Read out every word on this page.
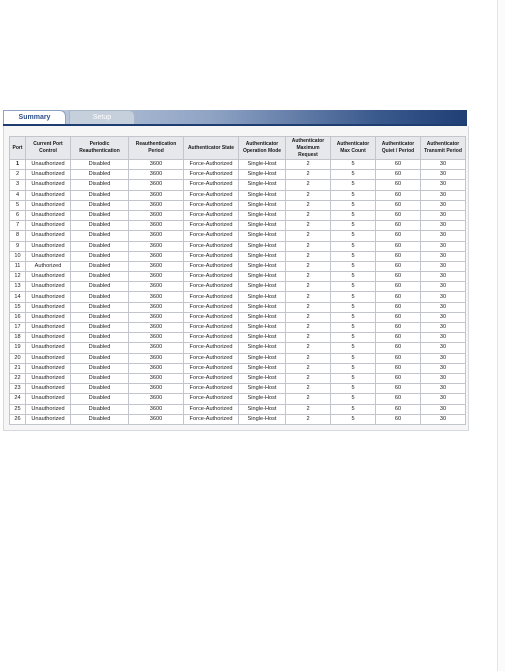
Summary	Setup
Port	Current Port Control	Periodic Reauthentication	Reauthentication Period	Authenticator State	Authenticator Operation Mode	Authenticator Maximum Request	Authenticator Max Count	Authenticator Quiet / Period	Authenticator Transmit Period
1	Unauthorized	Disabled	3600	Force-Authorized	Single-Host	2	5	60	30
2	Unauthorized	Disabled	3600	Force-Authorized	Single-Host	2	5	60	30
3	Unauthorized	Disabled	3600	Force-Authorized	Single-Host	2	5	60	30
4	Unauthorized	Disabled	3600	Force-Authorized	Single-Host	2	5	60	30
5	Unauthorized	Disabled	3600	Force-Authorized	Single-Host	2	5	60	30
6	Unauthorized	Disabled	3600	Force-Authorized	Single-Host	2	5	60	30
7	Unauthorized	Disabled	3600	Force-Authorized	Single-Host	2	5	60	30
8	Unauthorized	Disabled	3600	Force-Authorized	Single-Host	2	5	60	30
9	Unauthorized	Disabled	3600	Force-Authorized	Single-Host	2	5	60	30
10	Unauthorized	Disabled	3600	Force-Authorized	Single-Host	2	5	60	30
11	Authorized	Disabled	3600	Force-Authorized	Single-Host	2	5	60	30
12	Unauthorized	Disabled	3600	Force-Authorized	Single-Host	2	5	60	30
13	Unauthorized	Disabled	3600	Force-Authorized	Single-Host	2	5	60	30
14	Unauthorized	Disabled	3600	Force-Authorized	Single-Host	2	5	60	30
15	Unauthorized	Disabled	3600	Force-Authorized	Single-Host	2	5	60	30
16	Unauthorized	Disabled	3600	Force-Authorized	Single-Host	2	5	60	30
17	Unauthorized	Disabled	3600	Force-Authorized	Single-Host	2	5	60	30
18	Unauthorized	Disabled	3600	Force-Authorized	Single-Host	2	5	60	30
19	Unauthorized	Disabled	3600	Force-Authorized	Single-Host	2	5	60	30
20	Unauthorized	Disabled	3600	Force-Authorized	Single-Host	2	5	60	30
21	Unauthorized	Disabled	3600	Force-Authorized	Single-Host	2	5	60	30
22	Unauthorized	Disabled	3600	Force-Authorized	Single-Host	2	5	60	30
23	Unauthorized	Disabled	3600	Force-Authorized	Single-Host	2	5	60	30
24	Unauthorized	Disabled	3600	Force-Authorized	Single-Host	2	5	60	30
25	Unauthorized	Disabled	3600	Force-Authorized	Single-Host	2	5	60	30
26	Unauthorized	Disabled	3600	Force-Authorized	Single-Host	2	5	60	30
